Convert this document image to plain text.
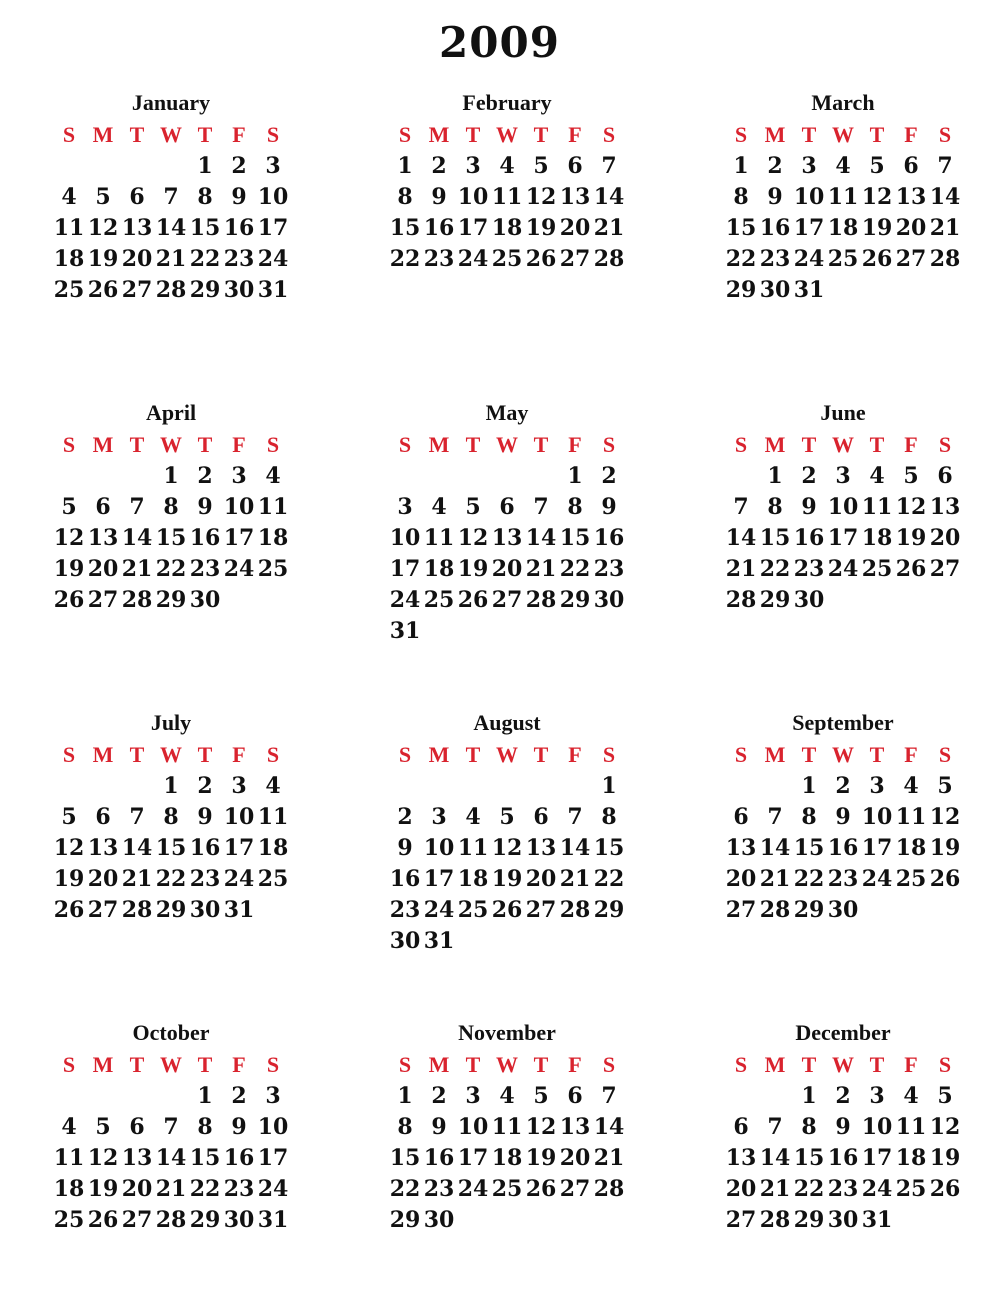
2009
January
S M T W T F S
1 2 3
4 5 6 7 8 9 10
11 12 13 14 15 16 17
18 19 20 21 22 23 24
25 26 27 28 29 30 31
February
S M T W T F S
1 2 3 4 5 6 7
8 9 10 11 12 13 14
15 16 17 18 19 20 21
22 23 24 25 26 27 28
March
S M T W T F S
1 2 3 4 5 6 7
8 9 10 11 12 13 14
15 16 17 18 19 20 21
22 23 24 25 26 27 28
29 30 31
April
S M T W T F S
1 2 3 4
5 6 7 8 9 10 11
12 13 14 15 16 17 18
19 20 21 22 23 24 25
26 27 28 29 30
May
S M T W T F S
1 2
3 4 5 6 7 8 9
10 11 12 13 14 15 16
17 18 19 20 21 22 23
24 25 26 27 28 29 30
31
June
S M T W T F S
1 2 3 4 5 6
7 8 9 10 11 12 13
14 15 16 17 18 19 20
21 22 23 24 25 26 27
28 29 30
July
S M T W T F S
1 2 3 4
5 6 7 8 9 10 11
12 13 14 15 16 17 18
19 20 21 22 23 24 25
26 27 28 29 30 31
August
S M T W T F S
1
2 3 4 5 6 7 8
9 10 11 12 13 14 15
16 17 18 19 20 21 22
23 24 25 26 27 28 29
30 31
September
S M T W T F S
1 2 3 4 5
6 7 8 9 10 11 12
13 14 15 16 17 18 19
20 21 22 23 24 25 26
27 28 29 30
October
S M T W T F S
1 2 3
4 5 6 7 8 9 10
11 12 13 14 15 16 17
18 19 20 21 22 23 24
25 26 27 28 29 30 31
November
S M T W T F S
1 2 3 4 5 6 7
8 9 10 11 12 13 14
15 16 17 18 19 20 21
22 23 24 25 26 27 28
29 30
December
S M T W T F S
1 2 3 4 5
6 7 8 9 10 11 12
13 14 15 16 17 18 19
20 21 22 23 24 25 26
27 28 29 30 31
